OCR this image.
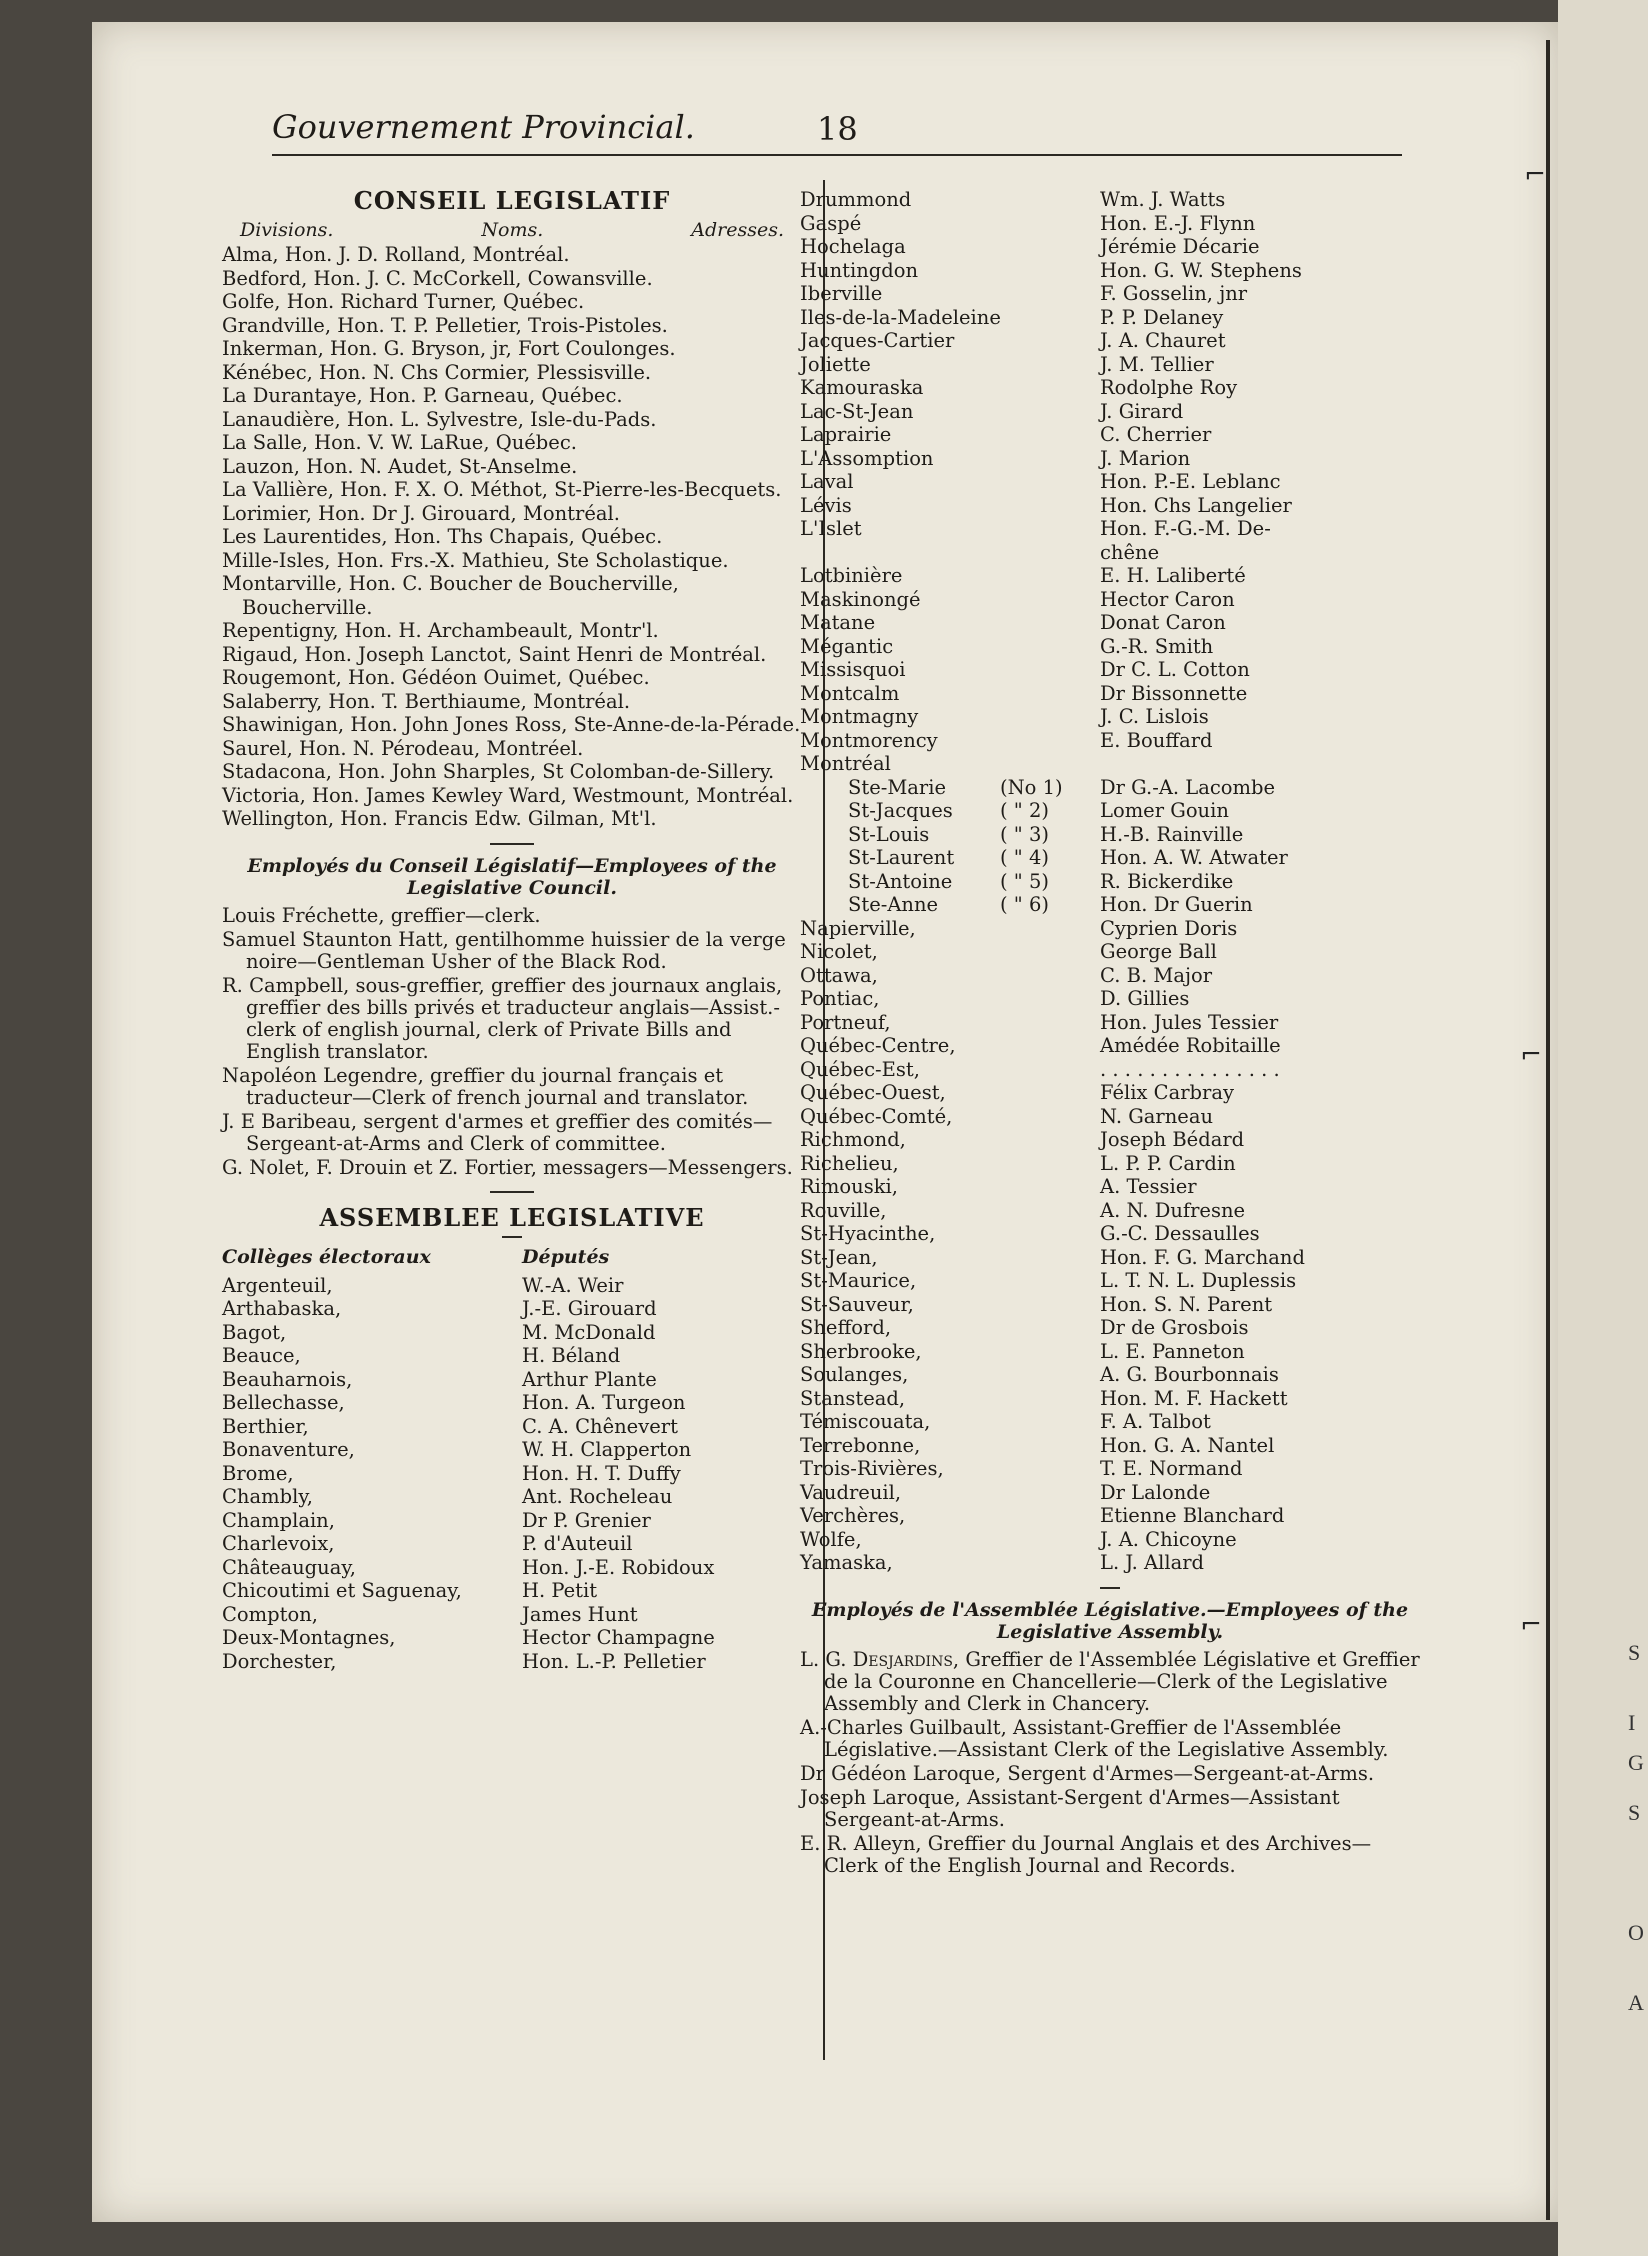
⌐
⌐
⌐
S
I
G
S
O
A
Gouvernement Provincial.	18
CONSEIL LEGISLATIF
Divisions.	Noms.	Adresses.
Alma, Hon. J. D. Rolland, Montréal.
Bedford, Hon. J. C. McCorkell, Cowansville.
Golfe, Hon. Richard Turner, Québec.
Grandville, Hon. T. P. Pelletier, Trois-Pistoles.
Inkerman, Hon. G. Bryson, jr, Fort Coulonges.
Kénébec, Hon. N. Chs Cormier, Plessisville.
La Durantaye, Hon. P. Garneau, Québec.
Lanaudière, Hon. L. Sylvestre, Isle-du-Pads.
La Salle, Hon. V. W. LaRue, Québec.
Lauzon, Hon. N. Audet, St-Anselme.
La Vallière, Hon. F. X. O. Méthot, St-Pierre-les-Becquets.
Lorimier, Hon. Dr J. Girouard, Montréal.
Les Laurentides, Hon. Ths Chapais, Québec.
Mille-Isles, Hon. Frs.-X. Mathieu, Ste Scholastique.
Montarville, Hon. C. Boucher de Boucherville, Boucherville.
Repentigny, Hon. H. Archambeault, Montr'l.
Rigaud, Hon. Joseph Lanctot, Saint Henri de Montréal.
Rougemont, Hon. Gédéon Ouimet, Québec.
Salaberry, Hon. T. Berthiaume, Montréal.
Shawinigan, Hon. John Jones Ross, Ste-Anne-de-la-Pérade.
Saurel, Hon. N. Pérodeau, Montréel.
Stadacona, Hon. John Sharples, St Colomban-de-Sillery.
Victoria, Hon. James Kewley Ward, Westmount, Montréal.
Wellington, Hon. Francis Edw. Gilman, Mt'l.
Employés du Conseil Législatif—Employees of the Legislative Council.
Louis Fréchette, greffier—clerk.
Samuel Staunton Hatt, gentilhomme huissier de la verge noire—Gentleman Usher of the Black Rod.
R. Campbell, sous-greffier, greffier des journaux anglais, greffier des bills privés et traducteur anglais—Assist.-clerk of english journal, clerk of Private Bills and English translator.
Napoléon Legendre, greffier du journal français et traducteur—Clerk of french journal and translator.
J. E Baribeau, sergent d'armes et greffier des comités—Sergeant-at-Arms and Clerk of committee.
G. Nolet, F. Drouin et Z. Fortier, messagers—Messengers.
ASSEMBLEE LEGISLATIVE
Collèges électoraux	Députés
Argenteuil,	W.-A. Weir
Arthabaska,	J.-E. Girouard
Bagot,	M. McDonald
Beauce,	H. Béland
Beauharnois,	Arthur Plante
Bellechasse,	Hon. A. Turgeon
Berthier,	C. A. Chênevert
Bonaventure,	W. H. Clapperton
Brome,	Hon. H. T. Duffy
Chambly,	Ant. Rocheleau
Champlain,	Dr P. Grenier
Charlevoix,	P. d'Auteuil
Châteauguay,	Hon. J.-E. Robidoux
Chicoutimi et Saguenay,	H. Petit
Compton,	James Hunt
Deux-Montagnes,	Hector Champagne
Dorchester,	Hon. L.-P. Pelletier
Drummond	Wm. J. Watts
Gaspé	Hon. E.-J. Flynn
Hochelaga	Jérémie Décarie
Huntingdon	Hon. G. W. Stephens
Iberville	F. Gosselin, jnr
Iles-de-la-Madeleine	P. P. Delaney
Jacques-Cartier	J. A. Chauret
Joliette	J. M. Tellier
Kamouraska	Rodolphe Roy
Lac-St-Jean	J. Girard
Laprairie	C. Cherrier
L'Assomption	J. Marion
Laval	Hon. P.-E. Leblanc
Lévis	Hon. Chs Langelier
L'Islet	Hon. F.-G.-M. De-
chêne
Lotbinière	E. H. Laliberté
Maskinongé	Hector Caron
Matane	Donat Caron
Mégantic	G.-R. Smith
Missisquoi	Dr C. L. Cotton
Montcalm	Dr Bissonnette
Montmagny	J. C. Lislois
Montmorency	E. Bouffard
Montréal
Ste-Marie	(No 1)	Dr G.-A. Lacombe
St-Jacques	( " 2)	Lomer Gouin
St-Louis	( " 3)	H.-B. Rainville
St-Laurent	( " 4)	Hon. A. W. Atwater
St-Antoine	( " 5)	R. Bickerdike
Ste-Anne	( " 6)	Hon. Dr Guerin
Napierville,	Cyprien Doris
Nicolet,	George Ball
Ottawa,	C. B. Major
Pontiac,	D. Gillies
Portneuf,	Hon. Jules Tessier
Québec-Centre,	Amédée Robitaille
Québec-Est,	. . . . . . . . . . . . . . .
Québec-Ouest,	Félix Carbray
Québec-Comté,	N. Garneau
Richmond,	Joseph Bédard
Richelieu,	L. P. P. Cardin
Rimouski,	A. Tessier
Rouville,	A. N. Dufresne
St-Hyacinthe,	G.-C. Dessaulles
St-Jean,	Hon. F. G. Marchand
St-Maurice,	L. T. N. L. Duplessis
St-Sauveur,	Hon. S. N. Parent
Shefford,	Dr de Grosbois
Sherbrooke,	L. E. Panneton
Soulanges,	A. G. Bourbonnais
Stanstead,	Hon. M. F. Hackett
Témiscouata,	F. A. Talbot
Terrebonne,	Hon. G. A. Nantel
Trois-Rivières,	T. E. Normand
Vaudreuil,	Dr Lalonde
Verchères,	Etienne Blanchard
Wolfe,	J. A. Chicoyne
Yamaska,	L. J. Allard
Employés de l'Assemblée Législative.—Employees of the Legislative Assembly.
L. G. Desjardins, Greffier de l'Assemblée Législative et Greffier de la Couronne en Chancellerie—Clerk of the Legislative Assembly and Clerk in Chancery.
A.-Charles Guilbault, Assistant-Greffier de l'Assemblée Législative.—Assistant Clerk of the Legislative Assembly.
Dr Gédéon Laroque, Sergent d'Armes—Sergeant-at-Arms.
Joseph Laroque, Assistant-Sergent d'Armes—Assistant Sergeant-at-Arms.
E. R. Alleyn, Greffier du Journal Anglais et des Archives—Clerk of the English Journal and Records.
